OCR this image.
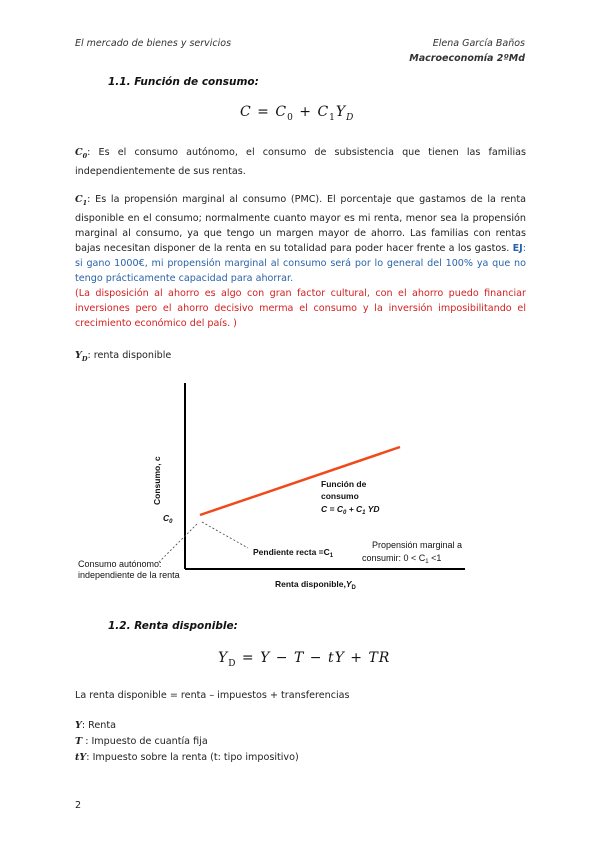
El mercado de bienes y servicios	Elena García Baños
Macroeconomía 2ºMd
1.1. Función de consumo:
$C = C_0 + C_1Y_D$
$C_0$: Es el consumo autónomo, el consumo de subsistencia que tienen las familias independientemente de sus rentas.
$C_1$: Es la propensión marginal al consumo (PMC). El porcentaje que gastamos de la renta disponible en el consumo; normalmente cuanto mayor es mi renta, menor sea la propensión marginal al consumo, ya que tengo un margen mayor de ahorro. Las familias con rentas bajas necesitan disponer de la renta en su totalidad para poder hacer frente a los gastos. EJ: si gano 1000€, mi propensión marginal al consumo será por lo general del 100% ya que no tengo prácticamente capacidad para ahorrar.
(La disposición al ahorro es algo con gran factor cultural, con el ahorro puedo financiar inversiones pero el ahorro decisivo merma el consumo y la inversión imposibilitando el crecimiento económico del país. )
$Y_D$: renta disponible
Consumo, c
$C_0$
Función de
consumo
$C = C_0 + C_1$ YD
Pendiente recta $=C_1$
Propensión marginal a
consumir: $0 < C_1 <1$
Consumo autónomo:
independiente de la renta
Renta $disponible,Y_D$
1.2. Renta disponible:
$Y_D = Y - T$ − tY + TR
La renta disponible = renta – impuestos + transferencias
Y: Renta
T : Impuesto de cuantía fija
tY: Impuesto sobre la renta (t: tipo impositivo)
2
